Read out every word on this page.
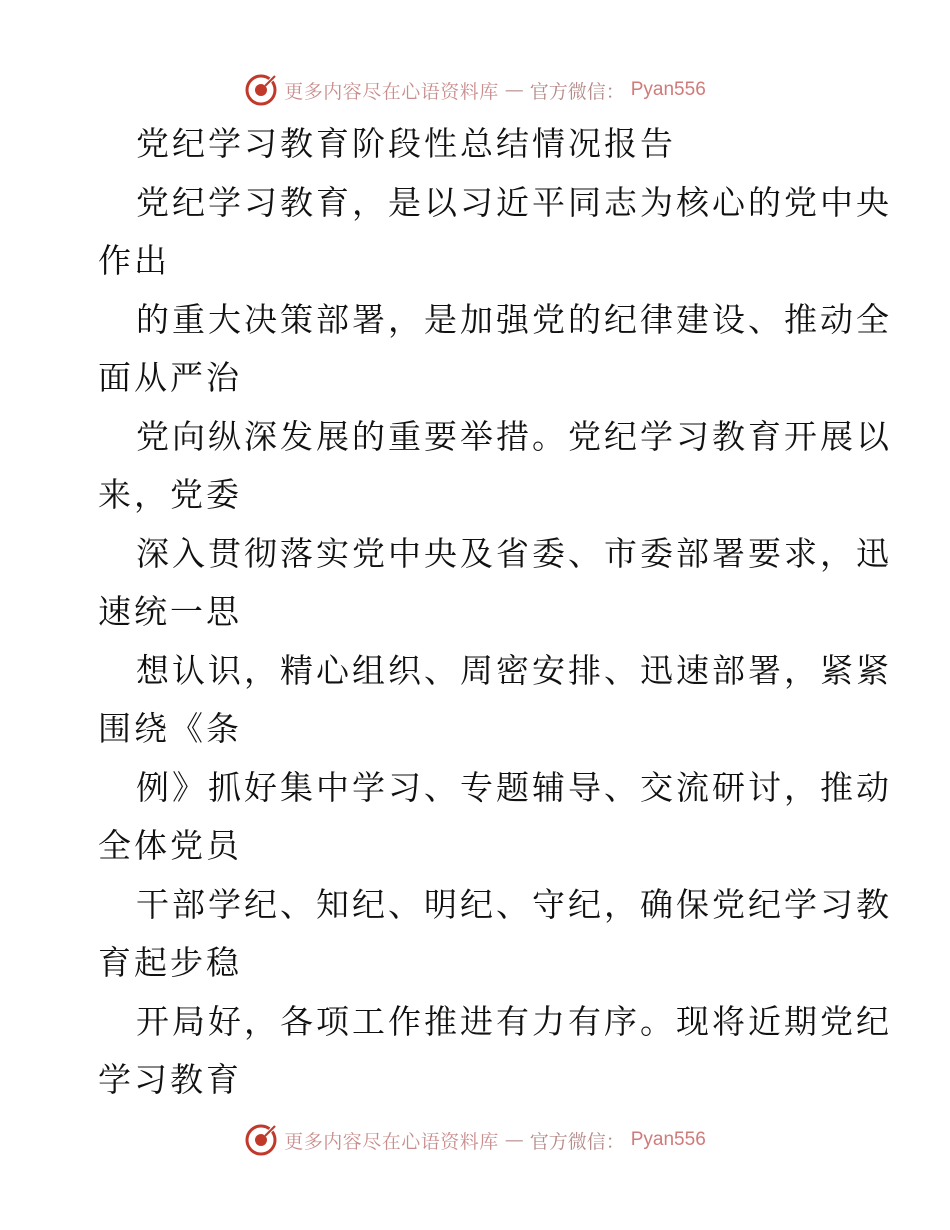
更多内容尽在心语资料库 — 官方微信： Pyan556
党纪学习教育阶段性总结情况报告
党纪学习教育，是以习近平同志为核心的党中央
作出
的重大决策部署，是加强党的纪律建设、推动全
面从严治
党向纵深发展的重要举措。党纪学习教育开展以
来，党委
深入贯彻落实党中央及省委、市委部署要求，迅
速统一思
想认识，精心组织、周密安排、迅速部署，紧紧
围绕《条
例》抓好集中学习、专题辅导、交流研讨，推动
全体党员
干部学纪、知纪、明纪、守纪，确保党纪学习教
育起步稳
开局好，各项工作推进有力有序。现将近期党纪
学习教育
更多内容尽在心语资料库 — 官方微信： Pyan556
